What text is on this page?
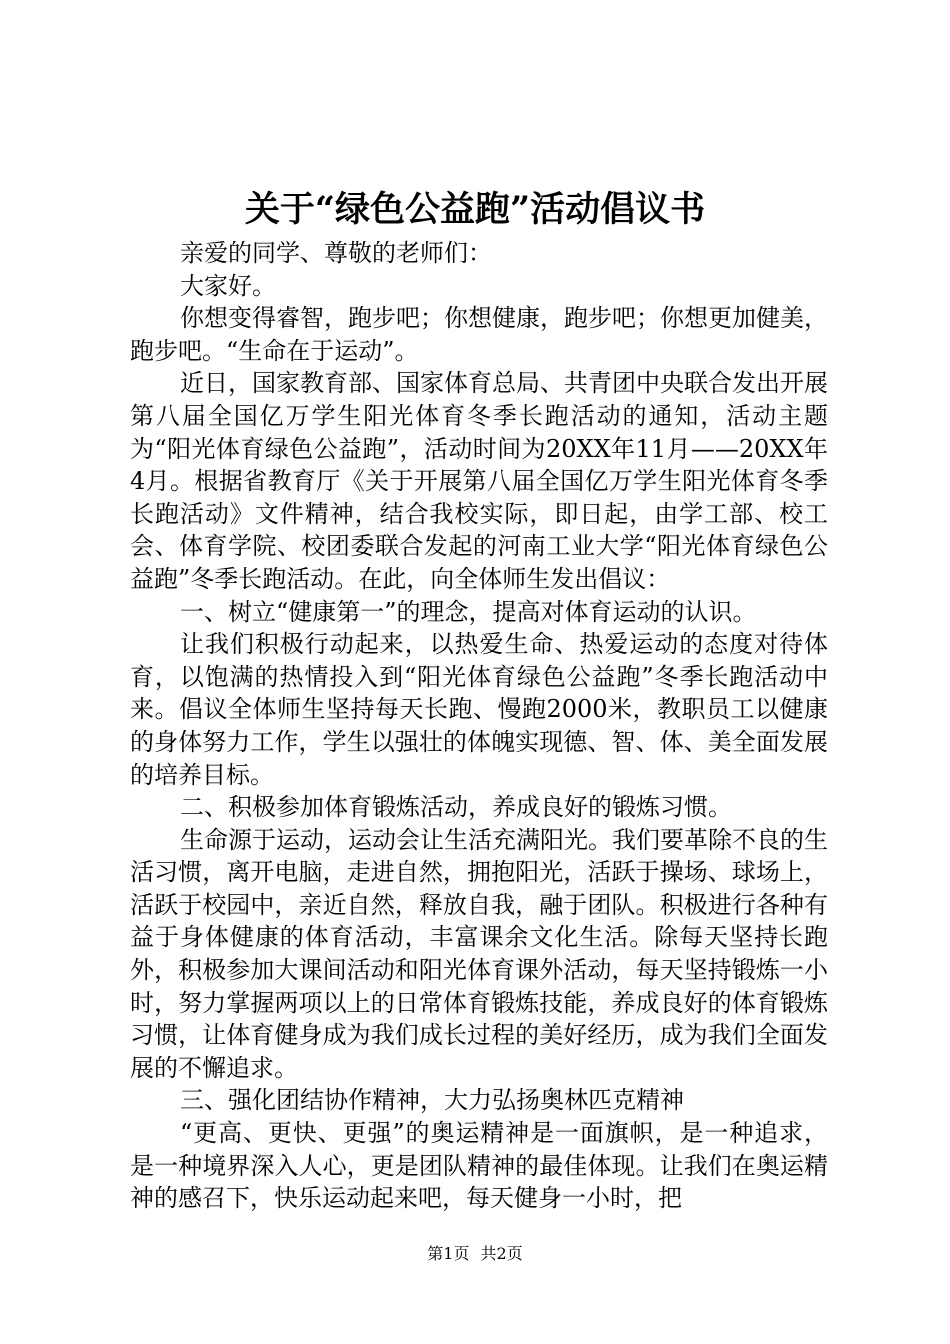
关于“绿色公益跑”活动倡议书

亲爱的同学、尊敬的老师们：

大家好。

你想变得睿智，跑步吧；你想健康，跑步吧；你想更加健美，跑步吧。“生命在于运动”。

近日，国家教育部、国家体育总局、共青团中央联合发出开展第八届全国亿万学生阳光体育冬季长跑活动的通知，活动主题为“阳光体育绿色公益跑”，活动时间为20XX年11月——20XX年4月。根据省教育厅《关于开展第八届全国亿万学生阳光体育冬季长跑活动》文件精神，结合我校实际，即日起，由学工部、校工会、体育学院、校团委联合发起的河南工业大学“阳光体育绿色公益跑”冬季长跑活动。在此，向全体师生发出倡议：

一、树立“健康第一”的理念，提高对体育运动的认识。

让我们积极行动起来，以热爱生命、热爱运动的态度对待体育，以饱满的热情投入到“阳光体育绿色公益跑”冬季长跑活动中来。倡议全体师生坚持每天长跑、慢跑2000米，教职员工以健康的身体努力工作，学生以强壮的体魄实现德、智、体、美全面发展的培养目标。

二、积极参加体育锻炼活动，养成良好的锻炼习惯。

生命源于运动，运动会让生活充满阳光。我们要革除不良的生活习惯，离开电脑，走进自然，拥抱阳光，活跃于操场、球场上，活跃于校园中，亲近自然，释放自我，融于团队。积极进行各种有益于身体健康的体育活动，丰富课余文化生活。除每天坚持长跑外，积极参加大课间活动和阳光体育课外活动，每天坚持锻炼一小时，努力掌握两项以上的日常体育锻炼技能，养成良好的体育锻炼习惯，让体育健身成为我们成长过程的美好经历，成为我们全面发展的不懈追求。

三、强化团结协作精神，大力弘扬奥林匹克精神

“更高、更快、更强”的奥运精神是一面旗帜，是一种追求，是一种境界深入人心，更是团队精神的最佳体现。让我们在奥运精神的感召下，快乐运动起来吧，每天健身一小时，把

第1页 共2页
